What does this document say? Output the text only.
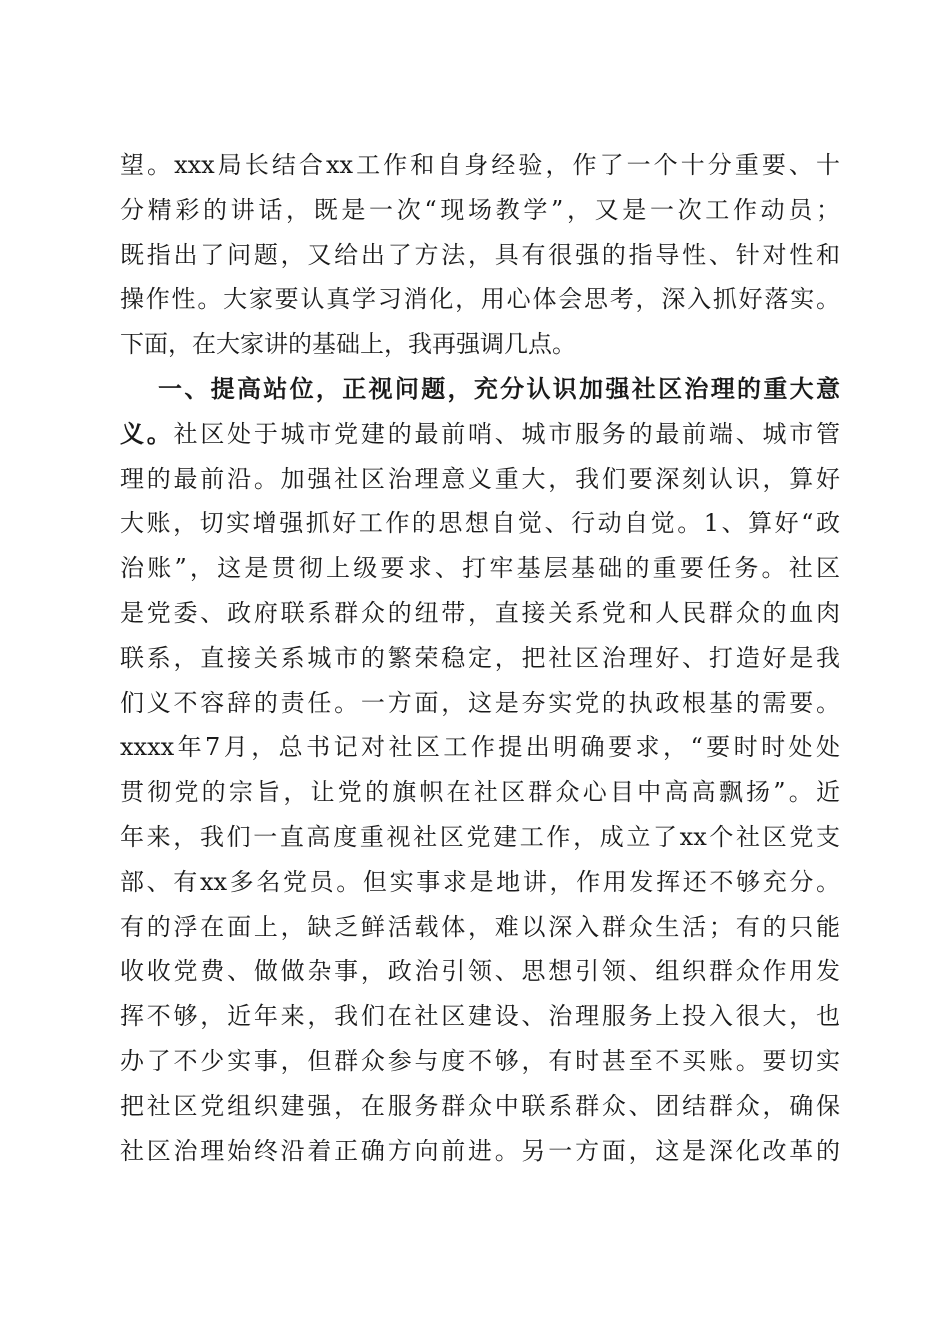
望。xxx局长结合xx工作和自身经验，作了一个十分重要、十
分精彩的讲话，既是一次“现场教学”，又是一次工作动员；
既指出了问题，又给出了方法，具有很强的指导性、针对性和
操作性。大家要认真学习消化，用心体会思考，深入抓好落实。
下面，在大家讲的基础上，我再强调几点。
一、提高站位，正视问题，充分认识加强社区治理的重大意
义。社区处于城市党建的最前哨、城市服务的最前端、城市管
理的最前沿。加强社区治理意义重大，我们要深刻认识，算好
大账，切实增强抓好工作的思想自觉、行动自觉。1、算好“政
治账”，这是贯彻上级要求、打牢基层基础的重要任务。社区
是党委、政府联系群众的纽带，直接关系党和人民群众的血肉
联系，直接关系城市的繁荣稳定，把社区治理好、打造好是我
们义不容辞的责任。一方面，这是夯实党的执政根基的需要。
xxxx年7月，总书记对社区工作提出明确要求，“要时时处处
贯彻党的宗旨，让党的旗帜在社区群众心目中高高飘扬”。近
年来，我们一直高度重视社区党建工作，成立了xx个社区党支
部、有xx多名党员。但实事求是地讲，作用发挥还不够充分。
有的浮在面上，缺乏鲜活载体，难以深入群众生活；有的只能
收收党费、做做杂事，政治引领、思想引领、组织群众作用发
挥不够，近年来，我们在社区建设、治理服务上投入很大，也
办了不少实事，但群众参与度不够，有时甚至不买账。要切实
把社区党组织建强，在服务群众中联系群众、团结群众，确保
社区治理始终沿着正确方向前进。另一方面，这是深化改革的
